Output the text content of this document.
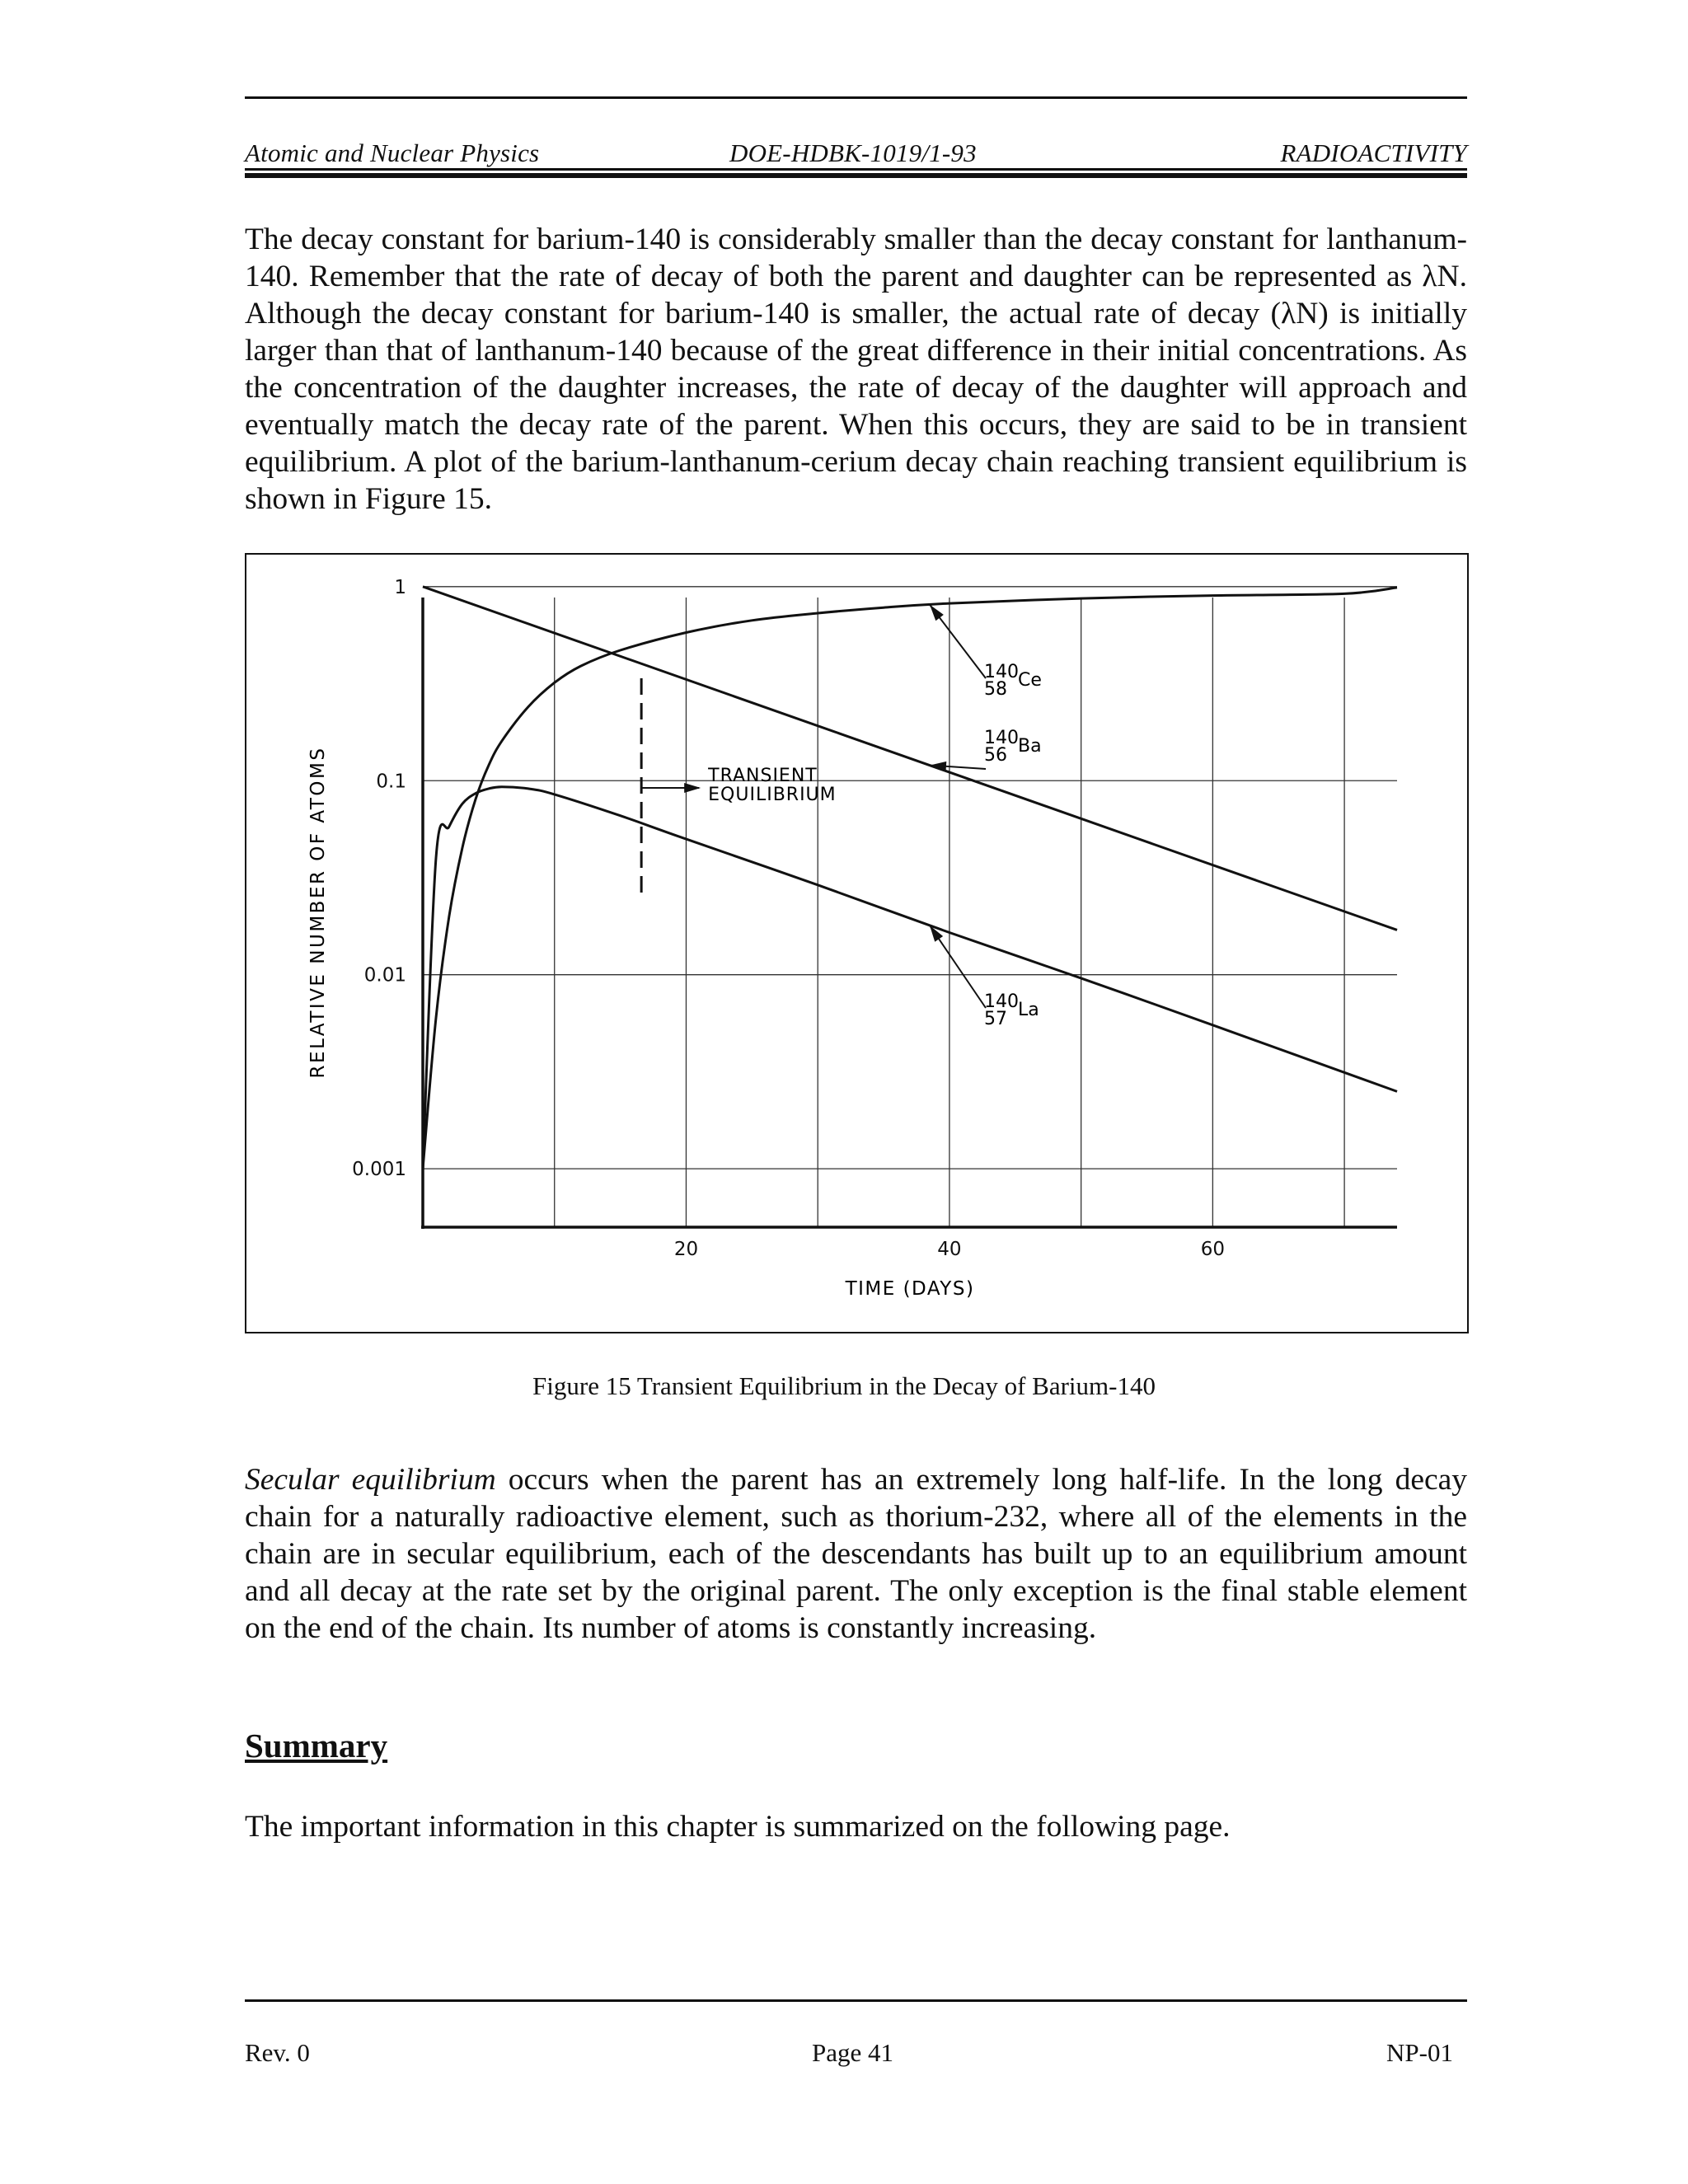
Atomic and Nuclear Physics	DOE-HDBK-1019/1-93	RADIOACTIVITY

The decay constant for barium-140 is considerably smaller than the decay constant for lanthanum-140. Remember that the rate of decay of both the parent and daughter can be represented as λN. Although the decay constant for barium-140 is smaller, the actual rate of decay (λN) is initially larger than that of lanthanum-140 because of the great difference in their initial concentrations. As the concentration of the daughter increases, the rate of decay of the daughter will approach and eventually match the decay rate of the parent. When this occurs, they are said to be in transient equilibrium. A plot of the barium-lanthanum-cerium decay chain reaching transient equilibrium is shown in Figure 15.

1
0.1
0.01
0.001
20	40	60
TIME (DAYS)
RELATIVE NUMBER OF ATOMS
140
56 Ba
140
57 La
140
58 Ce
TRANSIENT
EQUILIBRIUM
Figure 15 Transient Equilibrium in the Decay of Barium-140

Secular equilibrium occurs when the parent has an extremely long half-life. In the long decay chain for a naturally radioactive element, such as thorium-232, where all of the elements in the chain are in secular equilibrium, each of the descendants has built up to an equilibrium amount and all decay at the rate set by the original parent. The only exception is the final stable element on the end of the chain. Its number of atoms is constantly increasing.

Summary
The important information in this chapter is summarized on the following page.
Rev. 0	Page 41	NP-01
